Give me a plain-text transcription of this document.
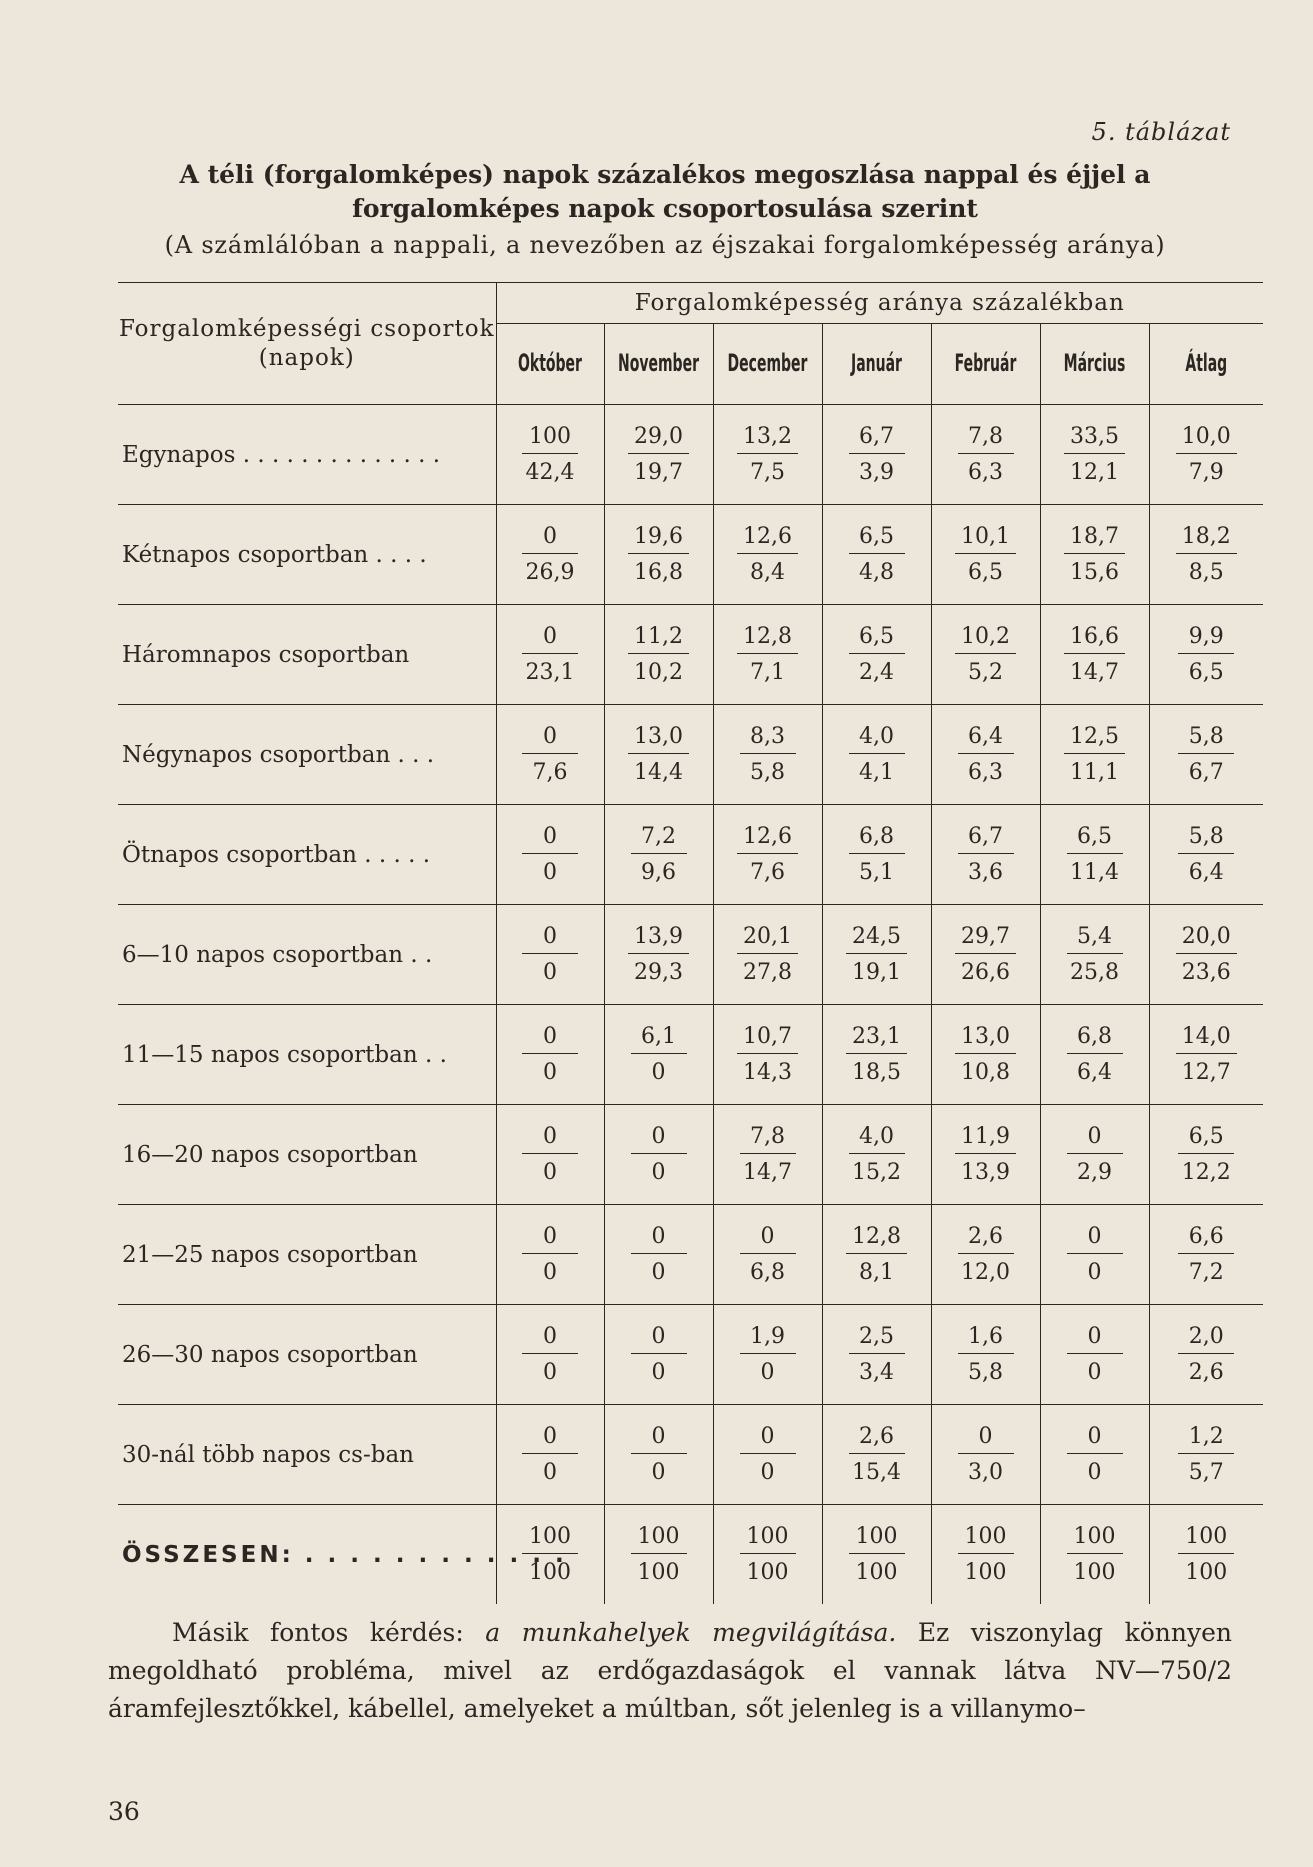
5. táblázat
A téli (forgalomképes) napok százalékos megoszlása nappal és éjjel a forgalomképes napok csoportosulása szerint
(A számlálóban a nappali, a nevezőben az éjszakai forgalomképesség aránya)
Forgalomképességi csoportok (napok)	Forgalomképesség aránya százalékban						
	Október	November	December	Január	Február	Március	Átlag
Egynapos . . . . . . . . . . . . . .	$\frac{100}{42,4}$	$\frac{29,0}{19,7}$	$\frac{13,2}{7,5}$	$\frac{6,7}{3,9}$	$\frac{7,8}{6,3}$	$\frac{33,5}{12,1}$	$\frac{10,0}{7,9}$

Kétnapos csoportban . . . .	$\frac{0}{26,9}$	$\frac{19,6}{16,8}$	$\frac{12,6}{8,4}$	$\frac{6,5}{4,8}$	$\frac{10,1}{6,5}$	$\frac{18,7}{15,6}$	$\frac{18,2}{8,5}$

Háromnapos csoportban	$\frac{0}{23,1}$	$\frac{11,2}{10,2}$	$\frac{12,8}{7,1}$	$\frac{6,5}{2,4}$	$\frac{10,2}{5,2}$	$\frac{16,6}{14,7}$	$\frac{9,9}{6,5}$

Négynapos csoportban . . .	$\frac{0}{7,6}$	$\frac{13,0}{14,4}$	$\frac{8,3}{5,8}$	$\frac{4,0}{4,1}$	$\frac{6,4}{6,3}$	$\frac{12,5}{11,1}$	$\frac{5,8}{6,7}$

Ötnapos csoportban . . . . .	$\frac{0}{0}$	$\frac{7,2}{9,6}$	$\frac{12,6}{7,6}$	$\frac{6,8}{5,1}$	$\frac{6,7}{3,6}$	$\frac{6,5}{11,4}$	$\frac{5,8}{6,4}$

6—10 napos csoportban . .	$\frac{0}{0}$	$\frac{13,9}{29,3}$	$\frac{20,1}{27,8}$	$\frac{24,5}{19,1}$	$\frac{29,7}{26,6}$	$\frac{5,4}{25,8}$	$\frac{20,0}{23,6}$

11—15 napos csoportban . .	$\frac{0}{0}$	$\frac{6,1}{0}$	$\frac{10,7}{14,3}$	$\frac{23,1}{18,5}$	$\frac{13,0}{10,8}$	$\frac{6,8}{6,4}$	$\frac{14,0}{12,7}$

16—20 napos csoportban	$\frac{0}{0}$	$\frac{0}{0}$	$\frac{7,8}{14,7}$	$\frac{4,0}{15,2}$	$\frac{11,9}{13,9}$	$\frac{0}{2,9}$	$\frac{6,5}{12,2}$

21—25 napos csoportban	$\frac{0}{0}$	$\frac{0}{0}$	$\frac{0}{6,8}$	$\frac{12,8}{8,1}$	$\frac{2,6}{12,0}$	$\frac{0}{0}$	$\frac{6,6}{7,2}$

26—30 napos csoportban	$\frac{0}{0}$	$\frac{0}{0}$	$\frac{1,9}{0}$	$\frac{2,5}{3,4}$	$\frac{1,6}{5,8}$	$\frac{0}{0}$	$\frac{2,0}{2,6}$

30-nál több napos cs-ban	$\frac{0}{0}$	$\frac{0}{0}$	$\frac{0}{0}$	$\frac{2,6}{15,4}$	$\frac{0}{3,0}$	$\frac{0}{0}$	$\frac{1,2}{5,7}$

ÖSSZESEN: . . . . . . . . . . . .	$\frac{100}{100}$	$\frac{100}{100}$	$\frac{100}{100}$	$\frac{100}{100}$	$\frac{100}{100}$	$\frac{100}{100}$	$\frac{100}{100}$

Másik fontos kérdés: a munkahelyek megvilágítása. Ez viszonylag könnyen megoldható probléma, mivel az erdőgazdaságok el vannak látva NV—750/2 áramfejlesztőkkel, kábellel, amelyeket a múltban, sőt jelenleg is a villanymo–

36
